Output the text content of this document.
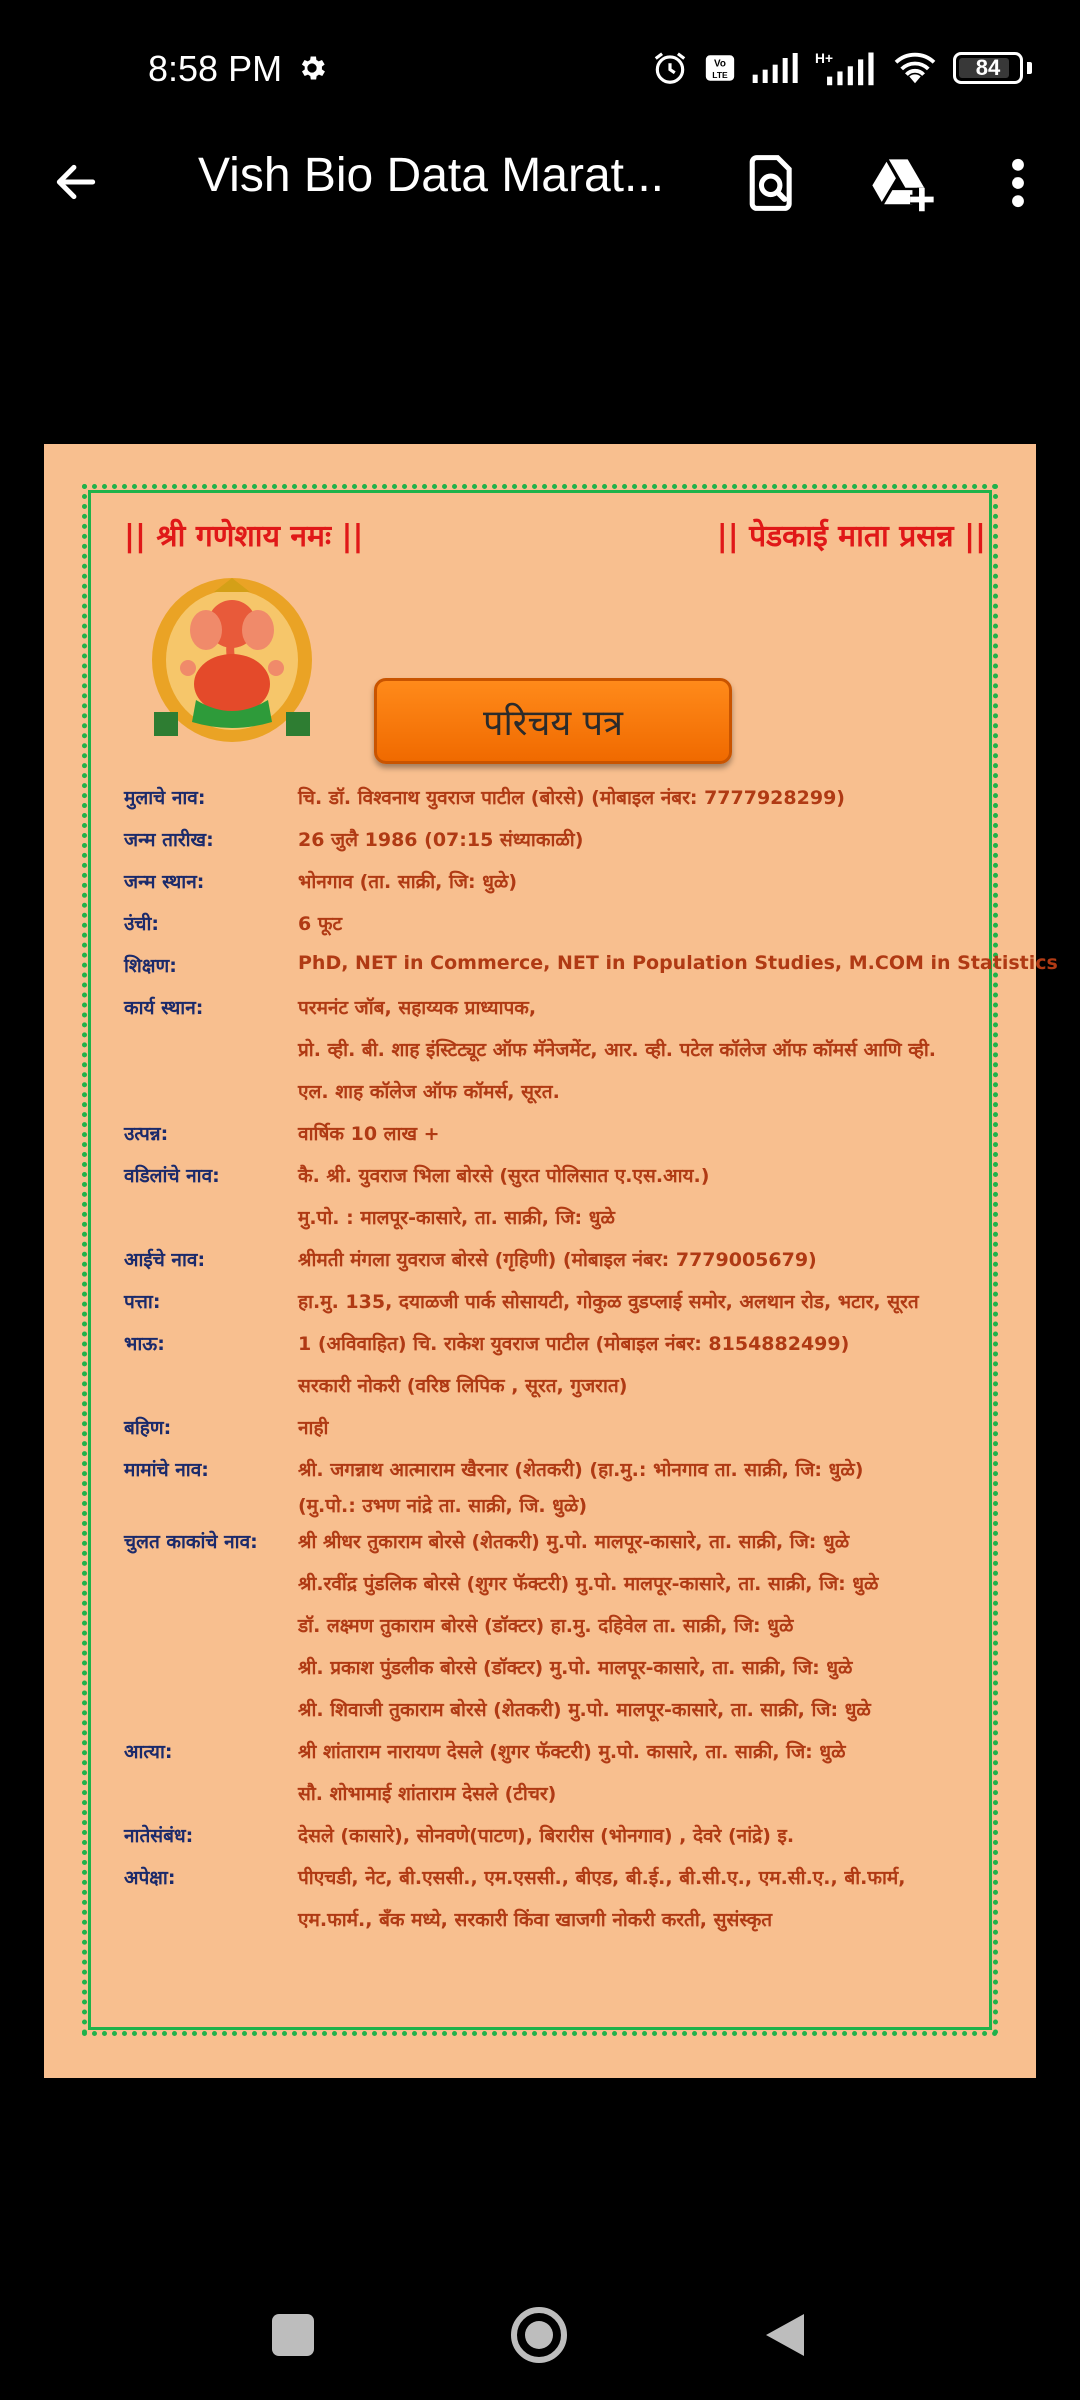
8:58 PM	Vo
LTE
H+	84
Vish Bio Data Marat...
|| श्री गणेशाय नमः ||	|| पेडकाई माता प्रसन्न ||
परिचय पत्र
मुलाचे नाव:	चि. डॉ. विश्वनाथ युवराज पाटील (बोरसे) (मोबाइल नंबर: 7777928299)
जन्म तारीख:	26 जुलै 1986 (07:15 संध्याकाळी)
जन्म स्थान:	भोनगाव (ता. साक्री, जि: धुळे)
उंची:	6 फूट
शिक्षण:	PhD, NET in Commerce, NET in Population Studies, M.COM in Statistics
कार्य स्थान:	परमनंट जॉब, सहाय्यक प्राध्यापक,
प्रो. व्ही. बी. शाह इंस्टिट्यूट ऑफ मॅनेजमेंट, आर. व्ही. पटेल कॉलेज ऑफ कॉमर्स आणि व्ही.
एल. शाह कॉलेज ऑफ कॉमर्स, सूरत.
उत्पन्न:	वार्षिक 10 लाख +
वडिलांचे नाव:	कै. श्री. युवराज भिला बोरसे (सुरत पोलिसात ए.एस.आय.)
मु.पो. : मालपूर-कासारे, ता. साक्री, जि: धुळे
आईचे नाव:	श्रीमती मंगला युवराज बोरसे (गृहिणी) (मोबाइल नंबर: 7779005679)
पत्ता:	हा.मु. 135, दयाळजी पार्क सोसायटी, गोकुळ वुडप्लाई समोर, अलथान रोड, भटार, सूरत
भाऊ:	1 (अविवाहित) चि. राकेश युवराज पाटील (मोबाइल नंबर: 8154882499)
सरकारी नोकरी (वरिष्ठ लिपिक , सूरत, गुजरात)
बहिण:	नाही
मामांचे नाव:	श्री. जगन्नाथ आत्माराम खैरनार (शेतकरी) (हा.मु.: भोनगाव ता. साक्री, जि: धुळे)
(मु.पो.: उभण नांद्रे ता. साक्री, जि. धुळे)
चुलत काकांचे नाव: श्री श्रीधर तुकाराम बोरसे (शेतकरी) मु.पो. मालपूर-कासारे, ता. साक्री, जि: धुळे
श्री.रवींद्र पुंडलिक बोरसे (शुगर फॅक्टरी) मु.पो. मालपूर-कासारे, ता. साक्री, जि: धुळे
डॉ. लक्ष्मण तुकाराम बोरसे (डॉक्टर) हा.मु. दहिवेल ता. साक्री, जि: धुळे
श्री. प्रकाश पुंडलीक बोरसे (डॉक्टर) मु.पो. मालपूर-कासारे, ता. साक्री, जि: धुळे
श्री. शिवाजी तुकाराम बोरसे (शेतकरी) मु.पो. मालपूर-कासारे, ता. साक्री, जि: धुळे
आत्या:	श्री शांताराम नारायण देसले (शुगर फॅक्टरी) मु.पो. कासारे, ता. साक्री, जि: धुळे
सौ. शोभामाई शांताराम देसले (टीचर)
नातेसंबंध:	देसले (कासारे), सोनवणे(पाटण), बिरारीस (भोनगाव) , देवरे (नांद्रे) इ.
अपेक्षा:	पीएचडी, नेट, बी.एससी., एम.एससी., बीएड, बी.ई., बी.सी.ए., एम.सी.ए., बी.फार्म,
एम.फार्म., बँक मध्ये, सरकारी किंवा खाजगी नोकरी करती, सुसंस्कृत
